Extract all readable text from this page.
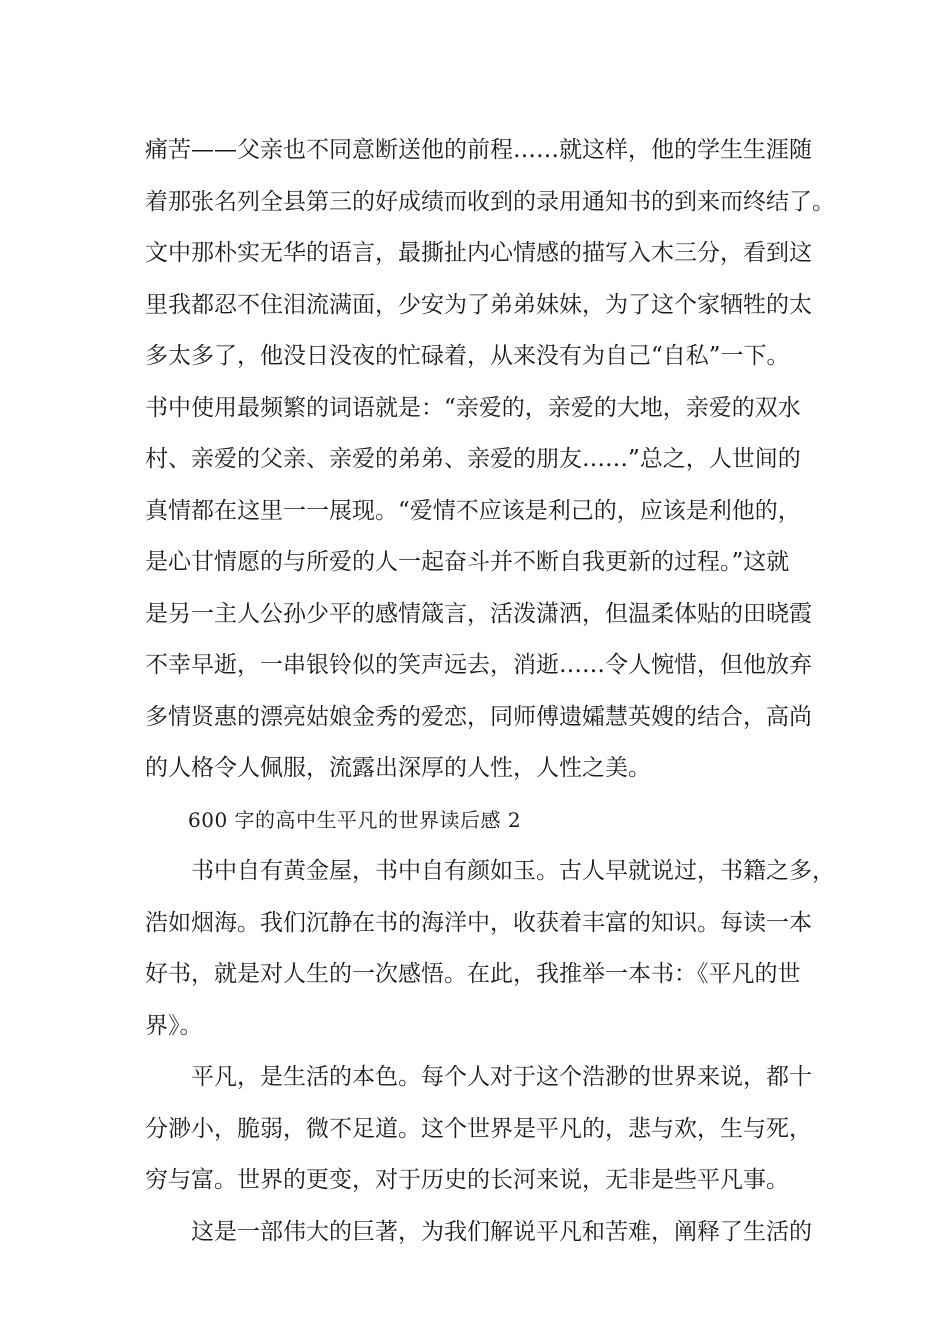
痛苦——父亲也不同意断送他的前程……就这样，他的学生生涯随
着那张名列全县第三的好成绩而收到的录用通知书的到来而终结了。
文中那朴实无华的语言，最撕扯内心情感的描写入木三分，看到这
里我都忍不住泪流满面，少安为了弟弟妹妹，为了这个家牺牲的太
多太多了，他没日没夜的忙碌着，从来没有为自己“自私”一下。
书中使用最频繁的词语就是：“亲爱的，亲爱的大地，亲爱的双水
村、亲爱的父亲、亲爱的弟弟、亲爱的朋友……”总之，人世间的
真情都在这里一一展现。“爱情不应该是利己的，应该是利他的，
是心甘情愿的与所爱的人一起奋斗并不断自我更新的过程。”这就
是另一主人公孙少平的感情箴言，活泼潇洒，但温柔体贴的田晓霞
不幸早逝，一串银铃似的笑声远去，消逝……令人惋惜，但他放弃
多情贤惠的漂亮姑娘金秀的爱恋，同师傅遗孀慧英嫂的结合，高尚
的人格令人佩服，流露出深厚的人性，人性之美。
600 字的高中生平凡的世界读后感 2
书中自有黄金屋，书中自有颜如玉。古人早就说过，书籍之多，
浩如烟海。我们沉静在书的海洋中，收获着丰富的知识。每读一本
好书，就是对人生的一次感悟。在此，我推举一本书：《平凡的世
界》。
平凡，是生活的本色。每个人对于这个浩渺的世界来说，都十
分渺小，脆弱，微不足道。这个世界是平凡的，悲与欢，生与死，
穷与富。世界的更变，对于历史的长河来说，无非是些平凡事。
这是一部伟大的巨著，为我们解说平凡和苦难，阐释了生活的
